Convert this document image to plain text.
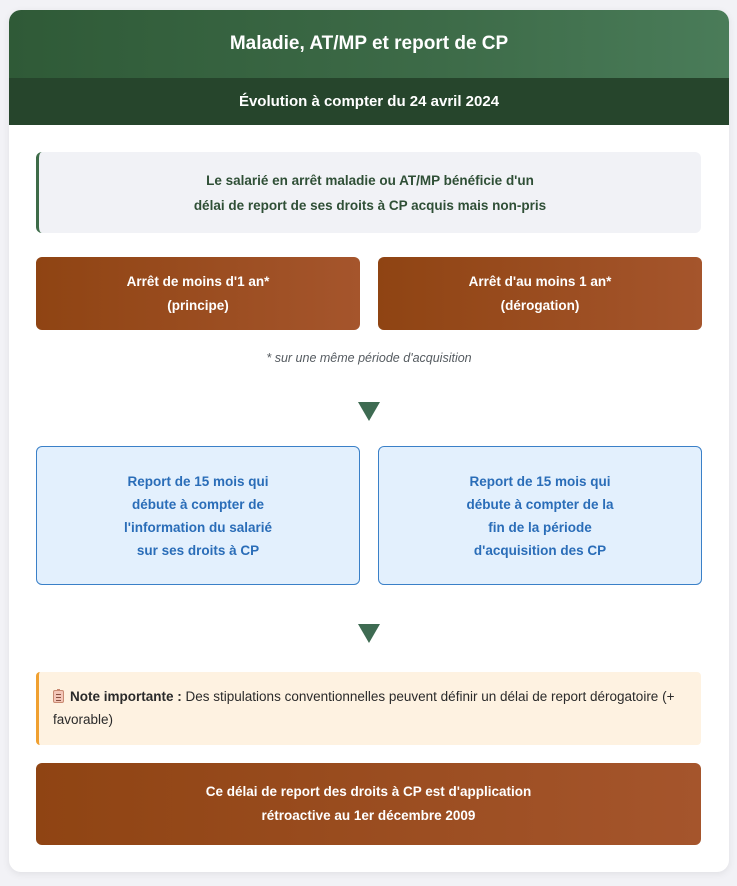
Maladie, AT/MP et report de CP
Évolution à compter du 24 avril 2024
Le salarié en arrêt maladie ou AT/MP bénéficie d'un
délai de report de ses droits à CP acquis mais non-pris
Arrêt de moins d'1 an*
(principe)
Arrêt d'au moins 1 an*
(dérogation)
* sur une même période d'acquisition
Report de 15 mois qui
débute à compter de
l'information du salarié
sur ses droits à CP
Report de 15 mois qui
débute à compter de la
fin de la période
d'acquisition des CP
Note importante : Des stipulations conventionnelles peuvent définir un délai de report dérogatoire (+ favorable)
Ce délai de report des droits à CP est d'application
rétroactive au 1er décembre 2009
